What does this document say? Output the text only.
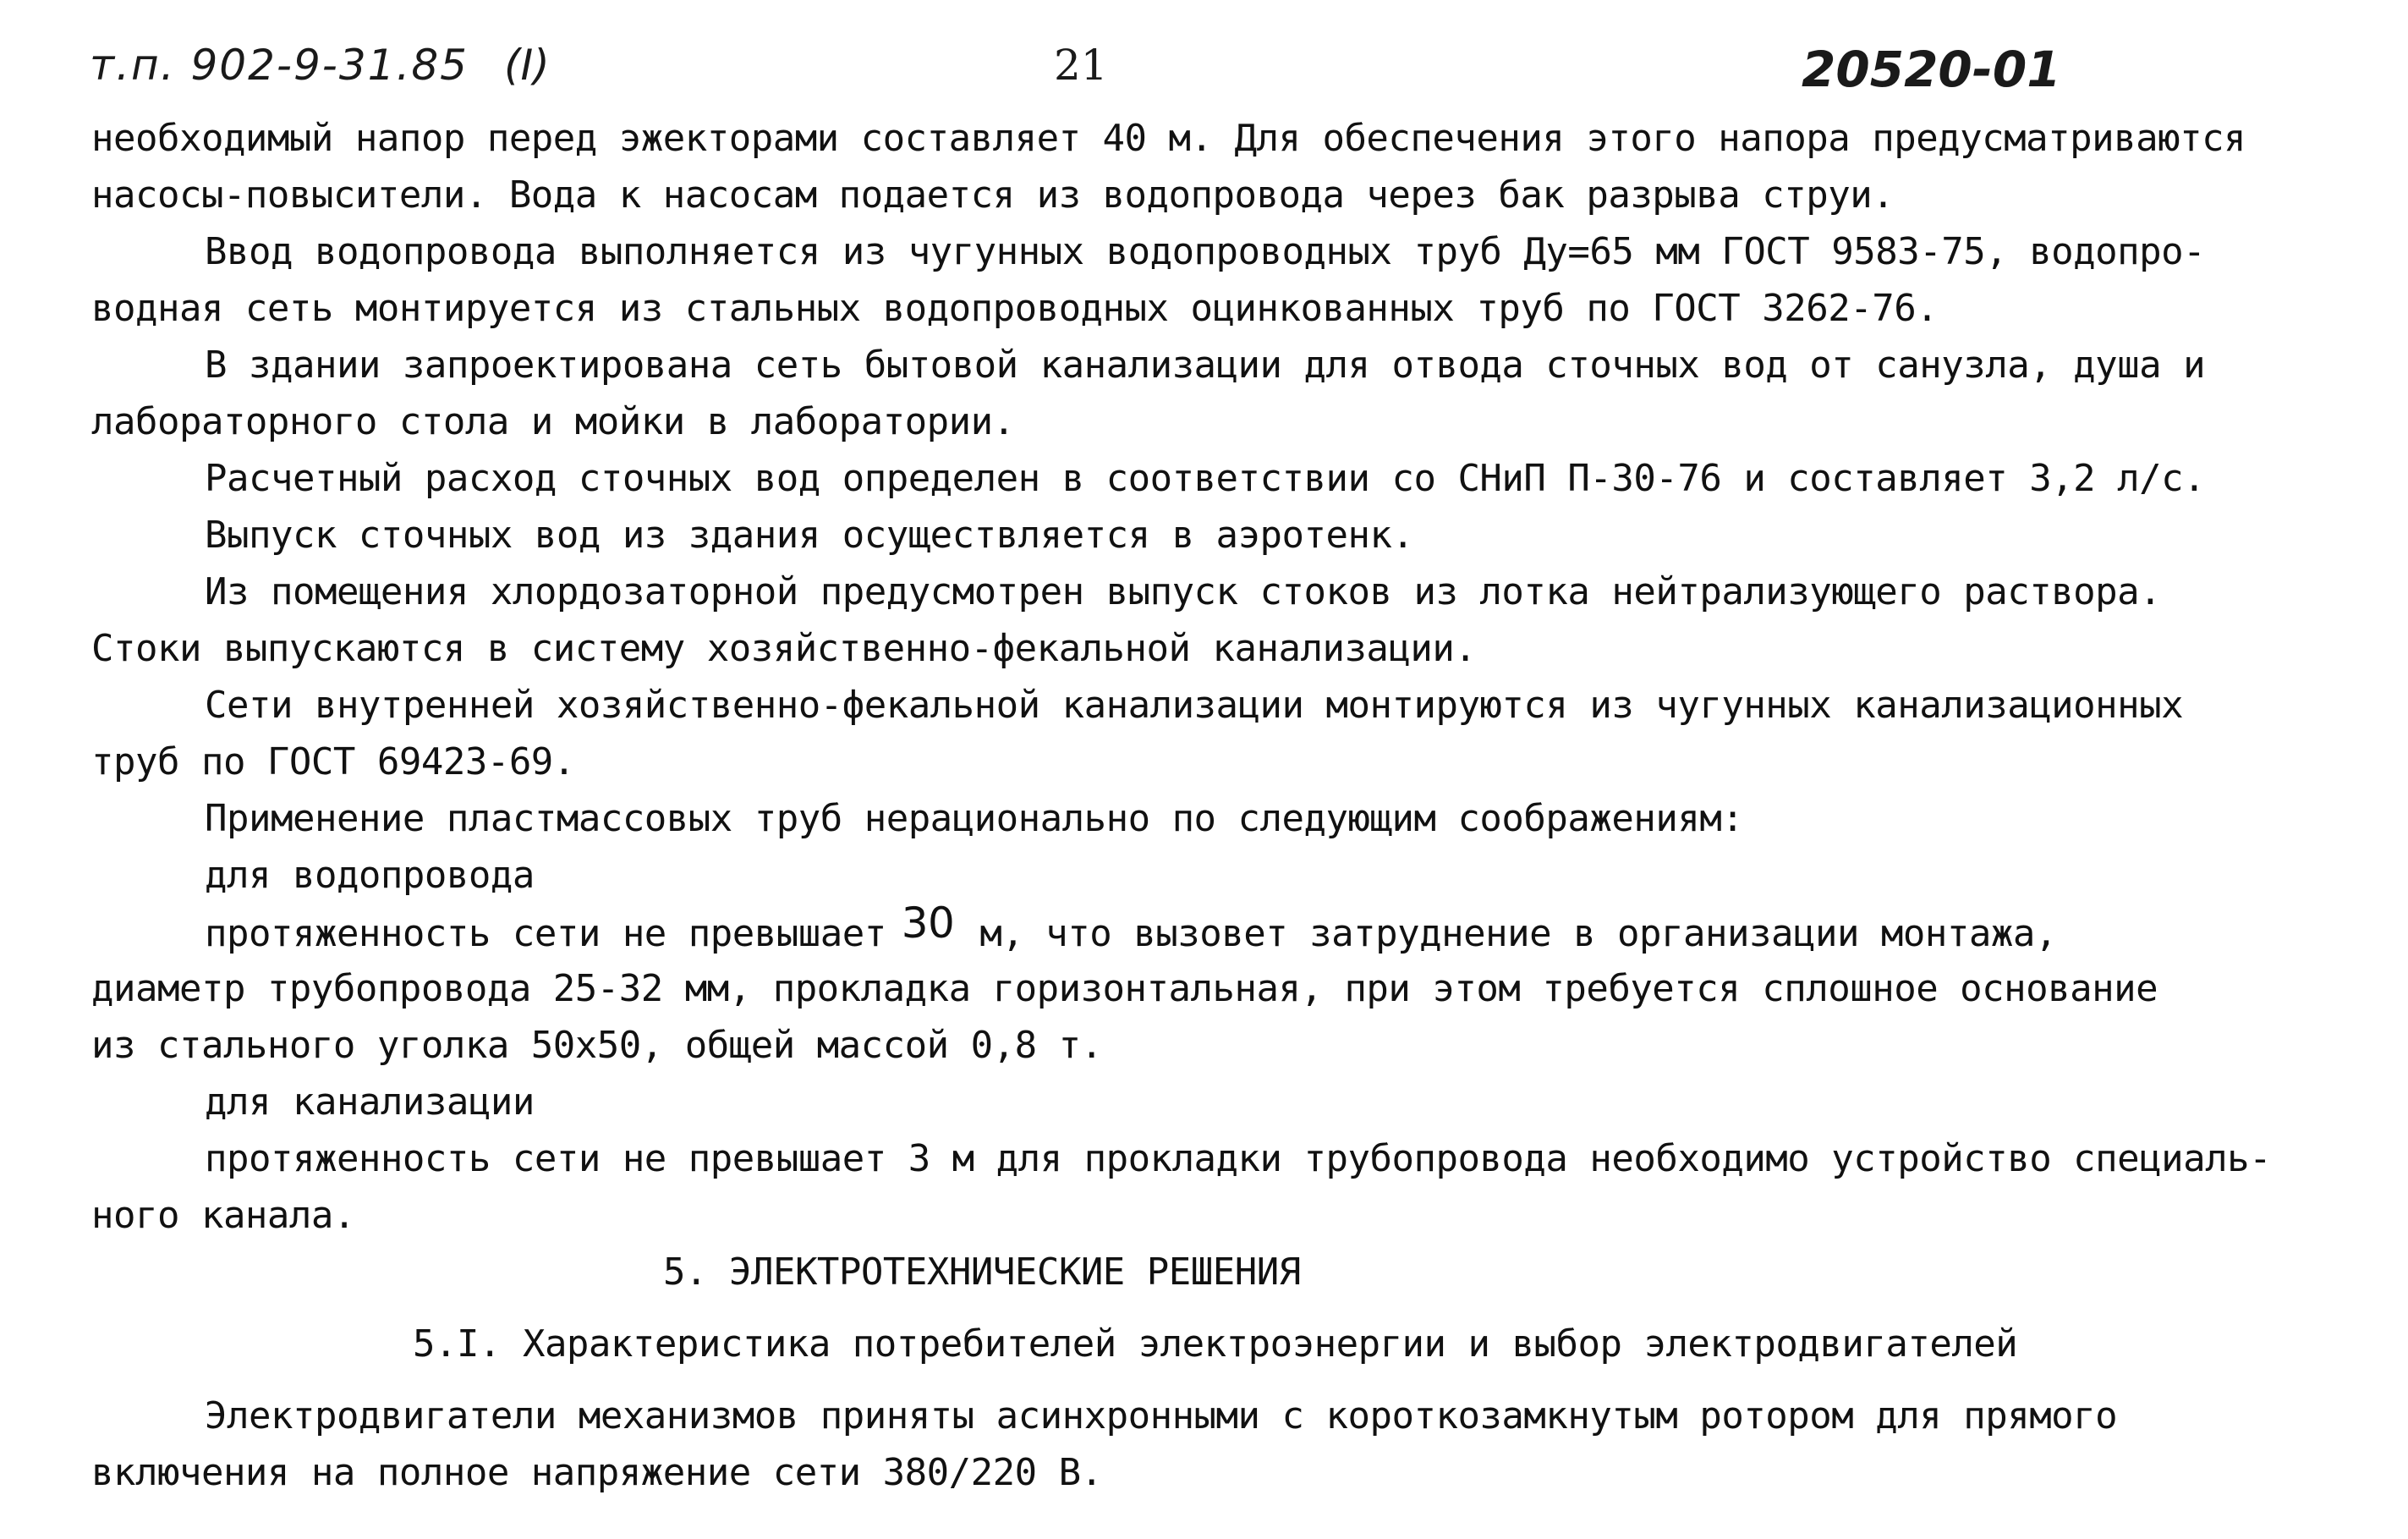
т.п. 902-9-31.85 (I)	21	20520-01
необходимый напор перед эжекторами составляет 40 м. Для обеспечения этого напора предусматриваются
насосы-повысители. Вода к насосам подается из водопровода через бак разрыва струи.
Ввод водопровода выполняется из чугунных водопроводных труб Ду=65 мм ГОСТ 9583-75, водопро-
водная сеть монтируется из стальных водопроводных оцинкованных труб по ГОСТ 3262-76.
В здании запроектирована сеть бытовой канализации для отвода сточных вод от санузла, душа и
лабораторного стола и мойки в лаборатории.
Расчетный расход сточных вод определен в соответствии со СНиП П-30-76 и составляет 3,2 л/с.
Выпуск сточных вод из здания осуществляется в аэротенк.
Из помещения хлордозаторной предусмотрен выпуск стоков из лотка нейтрализующего раствора.
Стоки выпускаются в систему хозяйственно-фекальной канализации.
Сети внутренней хозяйственно-фекальной канализации монтируются из чугунных канализационных
труб по ГОСТ 69423-69.
Применение пластмассовых труб нерационально по следующим соображениям:
для водопровода
протяженность сети не превышает 30 м, что вызовет затруднение в организации монтажа,
диаметр трубопровода 25-32 мм, прокладка горизонтальная, при этом требуется сплошное основание
из стального уголка 50х50, общей массой 0,8 т.
для канализации
протяженность сети не превышает 3 м для прокладки трубопровода необходимо устройство специаль-
ного канала.
5. ЭЛЕКТРОТЕХНИЧЕСКИЕ РЕШЕНИЯ
5.I. Характеристика потребителей электроэнергии и выбор электродвигателей
Электродвигатели механизмов приняты асинхронными с короткозамкнутым ротором для прямого
включения на полное напряжение сети 380/220 В.
